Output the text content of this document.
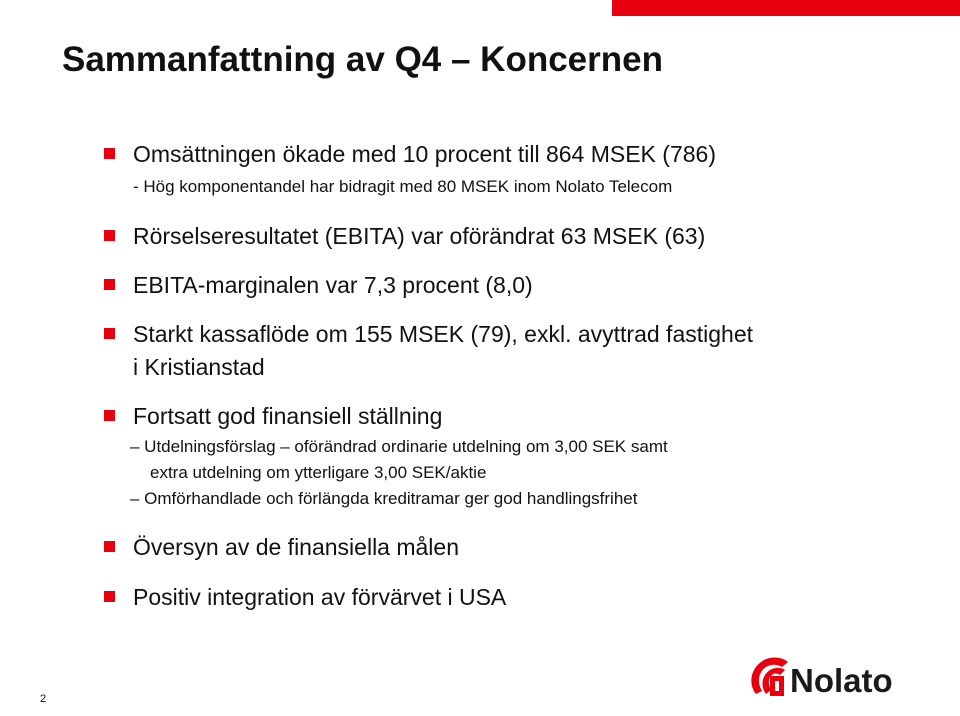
Sammanfattning av Q4 – Koncernen
Omsättningen ökade med 10 procent till 864 MSEK (786)
- Hög komponentandel har bidragit med 80 MSEK inom Nolato Telecom
Rörselseresultatet (EBITA) var oförändrat 63 MSEK (63)
EBITA-marginalen var 7,3 procent (8,0)
Starkt kassaflöde om 155 MSEK (79), exkl. avyttrad fastighet
i Kristianstad
Fortsatt god finansiell ställning
– Utdelningsförslag – oförändrad ordinarie utdelning om 3,00 SEK samt
extra utdelning om ytterligare 3,00 SEK/aktie
– Omförhandlade och förlängda kreditramar ger god handlingsfrihet
Översyn av de finansiella målen
Positiv integration av förvärvet i USA
2	Nolato
